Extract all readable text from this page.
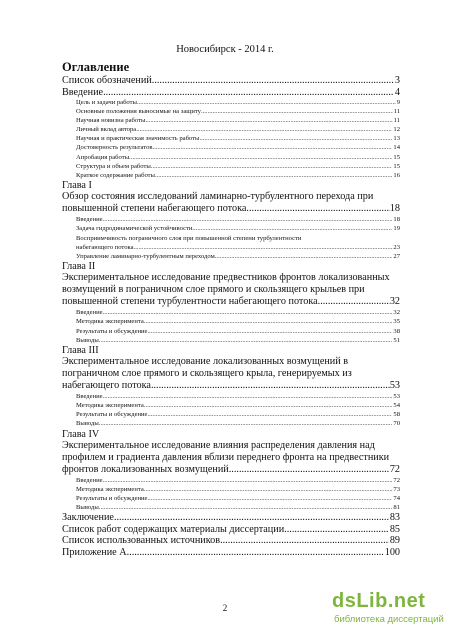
Новосибирск - 2014 г.
Оглавление
Список обозначений .....	3
Введение .....	4
Цель и задачи работы .....	9
Основные положения выносимые на защиту .....	11
Научная новизна работы .....	11
Личный вклад автора .....	12
Научная и практическая значимость работы .....	13
Достоверность результатов .....	14
Апробация работы .....	15
Структура и объем работы .....	15
Краткое содержание работы .....	16
Глава I
Обзор состояния исследований ламинарно-турбулентного перехода при
повышенной степени набегающего потока .....	18
Введение .....	18
Задача гидродинамической устойчивости .....	19
Восприимчивость пограничного слоя при повышенной степени турбулентности
набегающего потока .....	23
Управление ламинарно-турбулентным переходом .....	27
Глава II
Экспериментальное исследование предвестников фронтов локализованных
возмущений в пограничном слое прямого и скользящего крыльев при
повышенной степени турбулентности набегающего потока .....	32
Введение .....	32
Методика эксперимента .....	35
Результаты и обсуждение .....	38
Выводы .....	51
Глава III
Экспериментальное исследование локализованных возмущений в
пограничном слое прямого и скользящего крыла, генерируемых из
набегающего потока .....	53
Введение .....	53
Методика эксперимента .....	54
Результаты и обсуждение .....	58
Выводы .....	70
Глава IV
Экспериментальное исследование влияния распределения давления над
профилем и градиента давления вблизи переднего фронта на предвестники
фронтов локализованных возмущений .....	72
Введение .....	72
Методика эксперимента .....	73
Результаты и обсуждение .....	74
Выводы .....	81
Заключение .....	83
Список работ содержащих материалы диссертации .....	85
Список использованных источников .....	89
Приложение А .....	100
2	dsLib.net
библиотека диссертаций
